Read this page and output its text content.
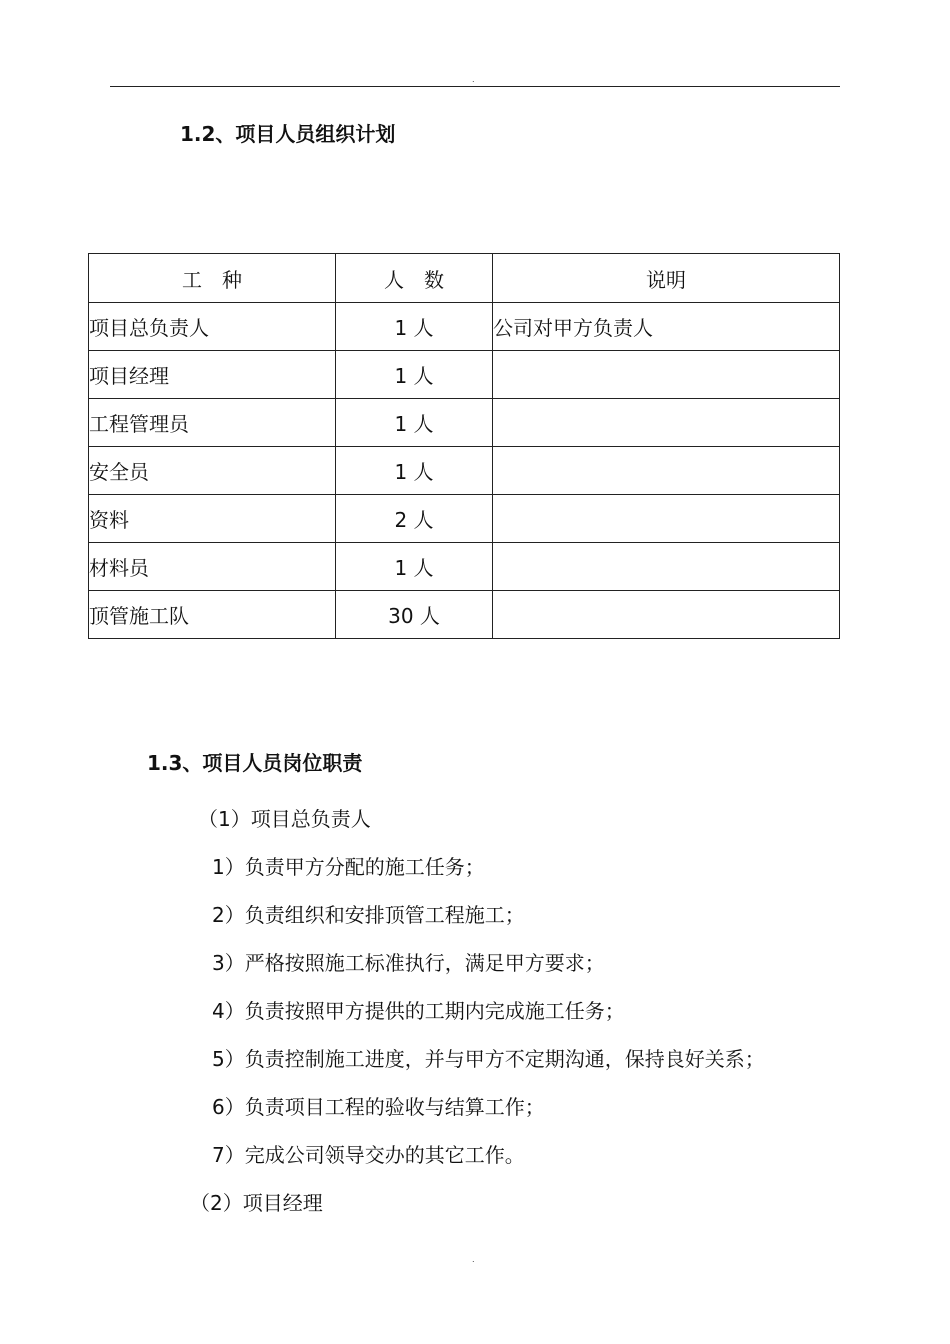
.
1.2、项目人员组织计划
工　种	人　数	说明
项目总负责人	1 人	公司对甲方负责人
项目经理	1 人	
工程管理员	1 人	
安全员	1 人	
资料	2 人	
材料员	1 人	
顶管施工队	30 人	
1.3、项目人员岗位职责
（1）项目总负责人
1）负责甲方分配的施工任务；
2）负责组织和安排顶管工程施工；
3）严格按照施工标准执行，满足甲方要求；
4）负责按照甲方提供的工期内完成施工任务；
5）负责控制施工进度，并与甲方不定期沟通，保持良好关系；
6）负责项目工程的验收与结算工作；
7）完成公司领导交办的其它工作。
（2）项目经理
.
